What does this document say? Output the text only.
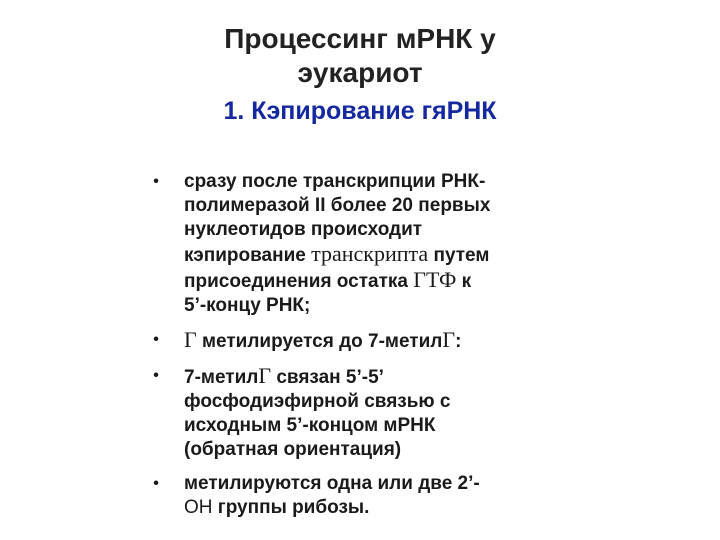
Процессинг мРНК у
эукариот
1. Кэпирование гяРНК
• сразу после транскрипции РНК-
полимеразой II более 20 первых
нуклеотидов происходит
кэпирование транскрипта путем
присоединения остатка ГТФ к
5’-концу РНК;
• Г метилируется до 7-метилГ:
• 7-метилГ связан 5’-5’
фосфодиэфирной связью с
исходным 5’-концом мРНК
(обратная ориентация)
• метилируются одна или две 2’-
ОН группы рибозы.
